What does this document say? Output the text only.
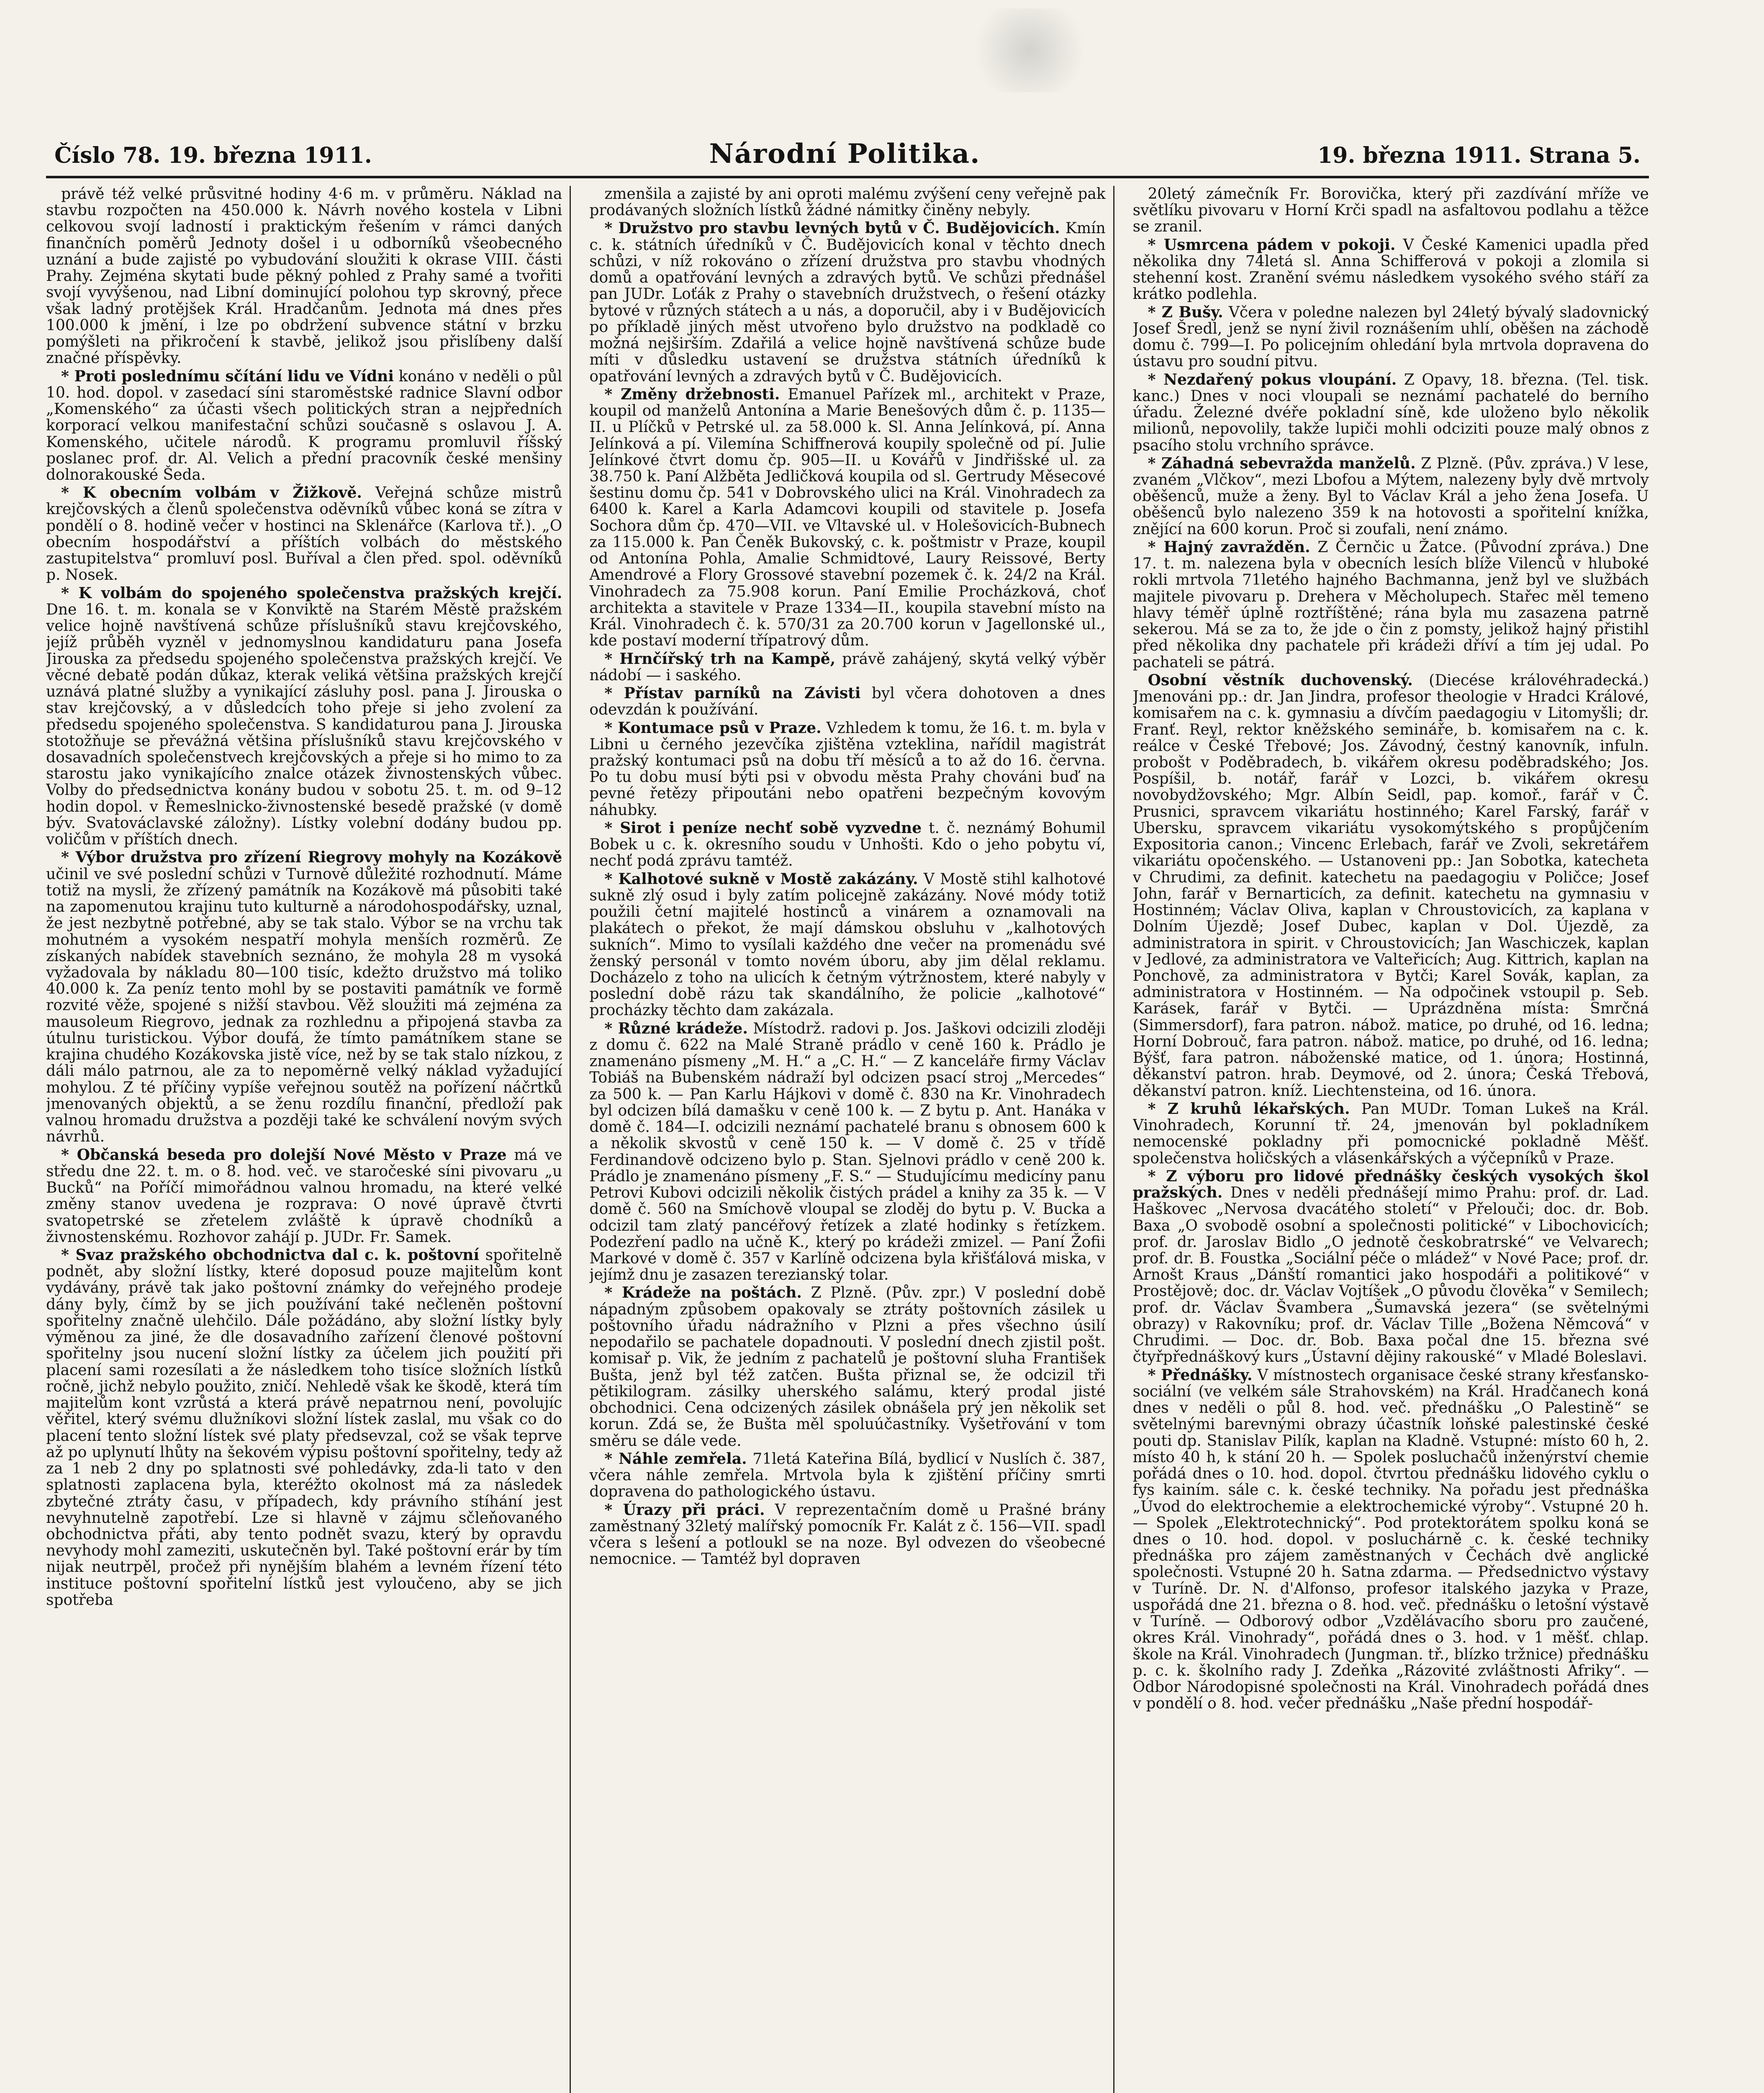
Číslo 78. 19. března 1911.	Národní Politika.	19. března 1911. Strana 5.

právě též velké průsvitné hodiny 4·6 m. v průměru. Náklad na stavbu rozpočten na 450.000 k. Návrh nového kostela v Libni celkovou svojí ladností i praktickým řešením v rámci daných finančních poměrů Jednoty došel i u odborníků všeobecného uznání a bude zajisté po vybudování sloužiti k okrase VIII. části Prahy. Zejména skytati bude pěkný pohled z Prahy samé a tvořiti svojí vyvýšenou, nad Libní dominující polohou typ skrovný, přece však ladný protějšek Král. Hradčanům. Jednota má dnes přes 100.000 k jmění, i lze po obdržení subvence státní v brzku pomýšleti na přikročení k stavbě, jelikož jsou přislíbeny další značné příspěvky.

* Proti poslednímu sčítání lidu ve Vídni konáno v neděli o půl 10. hod. dopol. v zasedací síni staroměstské radnice Slavní odbor „Komenského“ za účasti všech politických stran a nejpředních korporací velkou manifestační schůzi současně s oslavou J. A. Komenského, učitele národů. K programu promluvil říšský poslanec prof. dr. Al. Velich a přední pracovník české menšiny dolnorakouské Šeda.

* K obecním volbám v Žižkově. Veřejná schůze mistrů krejčovských a členů společenstva oděvníků vůbec koná se zítra v pondělí o 8. hodině večer v hostinci na Sklenářce (Karlova tř.). „O obecním hospodářství a příštích volbách do městského zastupitelstva“ promluví posl. Buříval a člen před. spol. oděvníků p. Nosek.

* K volbám do spojeného společenstva pražských krejčí. Dne 16. t. m. konala se v Konviktě na Starém Městě pražském velice hojně navštívená schůze příslušníků stavu krejčovského, jejíž průběh vyzněl v jednomyslnou kandidaturu pana Josefa Jirouska za předsedu spojeného společenstva pražských krejčí. Ve věcné debatě podán důkaz, kterak veliká většina pražských krejčí uznává platné služby a vynikající zásluhy posl. pana J. Jirouska o stav krejčovský, a v důsledcích toho přeje si jeho zvolení za předsedu spojeného společenstva. S kandidaturou pana J. Jirouska stotožňuje se převážná většina příslušníků stavu krejčovského v dosavadních společenstvech krejčovských a přeje si ho mimo to za starostu jako vynikajícího znalce otázek živnostenských vůbec. Volby do předsednictva konány budou v sobotu 25. t. m. od 9–12 hodin dopol. v Řemeslnicko-živnostenské besedě pražské (v domě býv. Svatováclavské záložny). Lístky volební dodány budou pp. voličům v příštích dnech.

* Výbor družstva pro zřízení Riegrovy mohyly na Kozákově učinil ve své poslední schůzi v Turnově důležité rozhodnutí. Máme totiž na mysli, že zřízený památník na Kozákově má působiti také na zapomenutou krajinu tuto kulturně a národohospodářsky, uznal, že jest nezbytně potřebné, aby se tak stalo. Výbor se na vrchu tak mohutném a vysokém nespatří mohyla menších rozměrů. Ze získaných nabídek stavebních seznáno, že mohyla 28 m vysoká vyžadovala by nákladu 80—100 tisíc, kdežto družstvo má toliko 40.000 k. Za peníz tento mohl by se postaviti památník ve formě rozvité věže, spojené s nižší stavbou. Věž sloužiti má zejména za mausoleum Riegrovo, jednak za rozhlednu a připojená stavba za útulnu turistickou. Výbor doufá, že tímto památníkem stane se krajina chudého Kozákovska jistě více, než by se tak stalo nízkou, z dáli málo patrnou, ale za to nepoměrně velký náklad vyžadující mohylou. Z té příčiny vypíše veřejnou soutěž na pořízení náčrtků jmenovaných objektů, a se ženu rozdílu finanční, předloží pak valnou hromadu družstva a později také ke schválení novým svých návrhů.

* Občanská beseda pro dolejší Nové Město v Praze má ve středu dne 22. t. m. o 8. hod. več. ve staročeské síni pivovaru „u Bucků“ na Poříčí mimořádnou valnou hromadu, na které velké změny stanov uvedena je rozprava: O nové úpravě čtvrti svatopetrské se zřetelem zvláště k úpravě chodníků a živnostenskému. Rozhovor zahájí p. JUDr. Fr. Samek.

* Svaz pražského obchodnictva dal c. k. poštovní spořitelně podnět, aby složní lístky, které doposud pouze majitelům kont vydávány, právě tak jako poštovní známky do veřejného prodeje dány byly, čímž by se jich používání také nečleněn poštovní spořitelny značně ulehčilo. Dále požádáno, aby složní lístky byly výměnou za jiné, že dle dosavadního zařízení členové poštovní spořitelny jsou nucení složní lístky za účelem jich použití při placení sami rozesílati a že následkem toho tisíce složních lístků ročně, jichž nebylo použito, zničí. Nehledě však ke škodě, která tím majitelům kont vzrůstá a která právě nepatrnou není, povolujíc věřitel, který svému dlužníkovi složní lístek zaslal, mu však co do placení tento složní lístek své platy předsevzal, což se však teprve až po uplynutí lhůty na šekovém výpisu poštovní spořitelny, tedy až za 1 neb 2 dny po splatnosti své pohledávky, zda-li tato v den splatnosti zaplacena byla, kteréžto okolnost má za následek zbytečné ztráty času, v případech, kdy právního stíhání jest nevyhnutelně zapotřebí. Lze si hlavně v zájmu sčleňovaného obchodnictva přáti, aby tento podnět svazu, který by opravdu nevyhody mohl zameziti, uskutečněn byl. Také poštovní erár by tím nijak neutrpěl, pročež při nynějším blahém a levném řízení této instituce poštovní spořitelní lístků jest vyloučeno, aby se jich spotřeba

zmenšila a zajisté by ani oproti malému zvýšení ceny veřejně pak prodávaných složních lístků žádné námitky činěny nebyly.

* Družstvo pro stavbu levných bytů v Č. Budějovicích. Kmín c. k. státních úředníků v Č. Budějovicích konal v těchto dnech schůzi, v níž rokováno o zřízení družstva pro stavbu vhodných domů a opatřování levných a zdravých bytů. Ve schůzi přednášel pan JUDr. Loťák z Prahy o stavebních družstvech, o řešení otázky bytové v různých státech a u nás, a doporučil, aby i v Budějovicích po příkladě jiných měst utvořeno bylo družstvo na podkladě co možná nejširším. Zdařilá a velice hojně navštívená schůze bude míti v důsledku ustavení se družstva státních úředníků k opatřování levných a zdravých bytů v Č. Budějovicích.

* Změny držebnosti. Emanuel Pařízek ml., architekt v Praze, koupil od manželů Antonína a Marie Benešových dům č. p. 1135—II. u Plíčků v Petrské ul. za 58.000 k. Sl. Anna Jelínková, pí. Anna Jelínková a pí. Vilemína Schiffnerová koupily společně od pí. Julie Jelínkové čtvrt domu čp. 905—II. u Kovářů v Jindřišské ul. za 38.750 k. Paní Alžběta Jedličková koupila od sl. Gertrudy Měsecové šestinu domu čp. 541 v Dobrovského ulici na Král. Vinohradech za 6400 k. Karel a Karla Adamcovi koupili od stavitele p. Josefa Sochora dům čp. 470—VII. ve Vltavské ul. v Holešovicích-Bubnech za 115.000 k. Pan Čeněk Bukovský, c. k. poštmistr v Praze, koupil od Antonína Pohla, Amalie Schmidtové, Laury Reissové, Berty Amendrové a Flory Grossové stavební pozemek č. k. 24/2 na Král. Vinohradech za 75.908 korun. Paní Emilie Procházková, choť architekta a stavitele v Praze 1334—II., koupila stavební místo na Král. Vinohradech č. k. 570/31 za 20.700 korun v Jagellonské ul., kde postaví moderní třípatrový dům.

* Hrnčířský trh na Kampě, právě zahájený, skytá velký výběr nádobí — i saského.

* Přístav parníků na Závisti byl včera dohotoven a dnes odevzdán k používání.

* Kontumace psů v Praze. Vzhledem k tomu, že 16. t. m. byla v Libni u černého jezevčíka zjištěna vzteklina, nařídil magistrát pražský kontumaci psů na dobu tří měsíců a to až do 16. června. Po tu dobu musí býti psi v obvodu města Prahy chováni buď na pevné řetězy připoutáni nebo opatřeni bezpečným kovovým náhubky.

* Sirot i peníze nechť sobě vyzvedne t. č. neznámý Bohumil Bobek u c. k. okresního soudu v Unhošti. Kdo o jeho pobytu ví, nechť podá zprávu tamtéž.

* Kalhotové sukně v Mostě zakázány. V Mostě stihl kalhotové sukně zlý osud i byly zatím policejně zakázány. Nové módy totiž použili četní majitelé hostinců a vinárem a oznamovali na plakátech o překot, že mají dámskou obsluhu v „kalhotových sukních“. Mimo to vysílali každého dne večer na promenádu své ženský personál v tomto novém úboru, aby jim dělal reklamu. Docházelo z toho na ulicích k četným výtržnostem, které nabyly v poslední době rázu tak skandálního, že policie „kalhotové“ procházky těchto dam zakázala.

* Různé krádeže. Místodrž. radovi p. Jos. Jaškovi odcizili zloději z domu č. 622 na Malé Straně prádlo v ceně 160 k. Prádlo je znamenáno písmeny „M. H.“ a „C. H.“ — Z kanceláře firmy Václav Tobiáš na Bubenském nádraží byl odcizen psací stroj „Mercedes“ za 500 k. — Pan Karlu Hájkovi v domě č. 830 na Kr. Vinohradech byl odcizen bílá damašku v ceně 100 k. — Z bytu p. Ant. Hanáka v domě č. 184—I. odcizili neznámí pachatelé branu s obnosem 600 k a několik skvostů v ceně 150 k. — V domě č. 25 v třídě Ferdinandově odcizeno bylo p. Stan. Sjelnovi prádlo v ceně 200 k. Prádlo je znamenáno písmeny „F. S.“ — Studujícímu medicíny panu Petrovi Kubovi odcizili několik čistých prádel a knihy za 35 k. — V domě č. 560 na Smíchově vloupal se zloděj do bytu p. V. Bucka a odcizil tam zlatý pancéřový řetízek a zlaté hodinky s řetízkem. Podezření padlo na učně K., který po krádeži zmizel. — Paní Žofii Markové v domě č. 357 v Karlíně odcizena byla křišťálová miska, v jejímž dnu je zasazen terezianský tolar.

* Krádeže na poštách. Z Plzně. (Pův. zpr.) V poslední době nápadným způsobem opakovaly se ztráty poštovních zásilek u poštovního úřadu nádražního v Plzni a přes všechno úsilí nepodařilo se pachatele dopadnouti. V poslední dnech zjistil pošt. komisař p. Vik, že jedním z pachatelů je poštovní sluha František Bušta, jenž byl též zatčen. Bušta přiznal se, že odcizil tři pětikilogram. zásilky uherského salámu, který prodal jisté obchodnici. Cena odcizených zásilek obnášela prý jen několik set korun. Zdá se, že Bušta měl spoluúčastníky. Vyšetřování v tom směru se dále vede.

* Náhle zemřela. 71letá Kateřina Bílá, bydlicí v Nuslích č. 387, včera náhle zemřela. Mrtvola byla k zjištění příčiny smrti dopravena do pathologického ústavu.

* Úrazy při práci. V reprezentačním domě u Prašné brány zaměstnaný 32letý malířský pomocník Fr. Kalát z č. 156—VII. spadl včera s lešení a potloukl se na noze. Byl odvezen do všeobecné nemocnice. — Tamtéž byl dopraven

20letý zámečník Fr. Borovička, který při zazdívání mříže ve světlíku pivovaru v Horní Krči spadl na asfaltovou podlahu a těžce se zranil.

* Usmrcena pádem v pokoji. V České Kamenici upadla před několika dny 74letá sl. Anna Schifferová v pokoji a zlomila si stehenní kost. Zranění svému následkem vysokého svého stáří za krátko podlehla.

* Z Bušy. Včera v poledne nalezen byl 24letý bývalý sladovnický Josef Šredl, jenž se nyní živil roznášením uhlí, oběšen na záchodě domu č. 799—I. Po policejním ohledání byla mrtvola dopravena do ústavu pro soudní pitvu.

* Nezdařený pokus vloupání. Z Opavy, 18. března. (Tel. tisk. kanc.) Dnes v noci vloupali se neznámí pachatelé do berního úřadu. Železné dvéře pokladní síně, kde uloženo bylo několik milionů, nepovolily, takže lupiči mohli odciziti pouze malý obnos z psacího stolu vrchního správce.

* Záhadná sebevražda manželů. Z Plzně. (Pův. zpráva.) V lese, zvaném „Vlčkov“, mezi Lbofou a Mýtem, nalezeny byly dvě mrtvoly oběšenců, muže a ženy. Byl to Václav Král a jeho žena Josefa. U oběšenců bylo nalezeno 359 k na hotovosti a spořitelní knížka, znějící na 600 korun. Proč si zoufali, není známo.

* Hajný zavražděn. Z Černčic u Žatce. (Původní zpráva.) Dne 17. t. m. nalezena byla v obecních lesích blíže Vilenců v hluboké rokli mrtvola 71letého hajného Bachmanna, jenž byl ve službách majitele pivovaru p. Drehera v Měcholupech. Stařec měl temeno hlavy téměř úplně roztříštěné; rána byla mu zasazena patrně sekerou. Má se za to, že jde o čin z pomsty, jelikož hajný přistihl před několika dny pachatele při krádeži dříví a tím jej udal. Po pachateli se pátrá.

Osobní věstník duchovenský. (Diecése královéhradecká.) Jmenováni pp.: dr. Jan Jindra, profesor theologie v Hradci Králové, komisařem na c. k. gymnasiu a dívčím paedagogiu v Litomyšli; dr. Franť. Reyl, rektor kněžského semináře, b. komisařem na c. k. reálce v České Třebové; Jos. Závodný, čestný kanovník, infuln. probošt v Poděbradech, b. vikářem okresu poděbradského; Jos. Pospíšil, b. notář, farář v Lozci, b. vikářem okresu novobydžovského; Mgr. Albín Seidl, pap. komoř., farář v Č. Prusnici, spravcem vikariátu hostinného; Karel Farský, farář v Ubersku, spravcem vikariátu vysokomýtského s propůjčením Expositoria canon.; Vincenc Erlebach, farář ve Zvoli, sekretářem vikariátu opočenského. — Ustanoveni pp.: Jan Sobotka, katecheta v Chrudimi, za definit. katechetu na paedagogiu v Poličce; Josef John, farář v Bernarticích, za definit. katechetu na gymnasiu v Hostinném; Václav Oliva, kaplan v Chroustovicích, za kaplana v Dolním Újezdě; Josef Dubec, kaplan v Dol. Újezdě, za administratora in spirit. v Chroustovicích; Jan Waschiczek, kaplan v Jedlové, za administratora ve Valteřicích; Aug. Kittrich, kaplan na Ponchově, za administratora v Bytči; Karel Sovák, kaplan, za administratora v Hostinném. — Na odpočinek vstoupil p. Seb. Karásek, farář v Bytči. — Uprázdněna místa: Smrčná (Simmersdorf), fara patron. nábož. matice, po druhé, od 16. ledna; Horní Dobrouč, fara patron. nábož. matice, po druhé, od 16. ledna; Býšť, fara patron. náboženské matice, od 1. února; Hostinná, děkanství patron. hrab. Deymové, od 2. února; Česká Třebová, děkanství patron. kníž. Liechtensteina, od 16. února.

* Z kruhů lékařských. Pan MUDr. Toman Lukeš na Král. Vinohradech, Korunní tř. 24, jmenován byl pokladníkem nemocenské pokladny při pomocnické pokladně Měšť. společenstva holičských a vlásenkářských a výčepníků v Praze.

* Z výboru pro lidové přednášky českých vysokých škol pražských. Dnes v neděli přednášejí mimo Prahu: prof. dr. Lad. Haškovec „Nervosa dvacátého století“ v Přelouči; doc. dr. Bob. Baxa „O svobodě osobní a společnosti politické“ v Libochovicích; prof. dr. Jaroslav Bidlo „O jednotě českobratrské“ ve Velvarech; prof. dr. B. Foustka „Sociální péče o mládež“ v Nové Pace; prof. dr. Arnošt Kraus „Dánští romantici jako hospodáři a politikové“ v Prostějově; doc. dr. Václav Vojtíšek „O původu člověka“ v Semilech; prof. dr. Václav Švambera „Šumavská jezera“ (se světelnými obrazy) v Rakovníku; prof. dr. Václav Tille „Božena Němcová“ v Chrudimi. — Doc. dr. Bob. Baxa počal dne 15. března své čtyřpřednáškový kurs „Ústavní dějiny rakouské“ v Mladé Boleslavi.

* Přednášky. V místnostech organisace české strany křesťansko-sociální (ve velkém sále Strahovském) na Král. Hradčanech koná dnes v neděli o půl 8. hod. več. přednášku „O Palestině“ se světelnými barevnými obrazy účastník loňské palestinské české pouti dp. Stanislav Pilík, kaplan na Kladně. Vstupné: místo 60 h, 2. místo 40 h, k stání 20 h. — Spolek posluchačů inženýrství chemie pořádá dnes o 10. hod. dopol. čtvrtou přednášku lidového cyklu o fys kainím. sále c. k. české techniky. Na pořadu jest přednáška „Úvod do elektrochemie a elektrochemické výroby“. Vstupné 20 h. — Spolek „Elektrotechnický“. Pod protektorátem spolku koná se dnes o 10. hod. dopol. v posluchárně c. k. české techniky přednáška pro zájem zaměstnaných v Čechách dvě anglické společnosti. Vstupné 20 h. Satna zdarma. — Předsednictvo výstavy v Turíně. Dr. N. d'Alfonso, profesor italského jazyka v Praze, uspořádá dne 21. března o 8. hod. več. přednášku o letošní výstavě v Turíně. — Odborový odbor „Vzdělávacího sboru pro zaučené, okres Král. Vinohrady“, pořádá dnes o 3. hod. v 1 měšť. chlap. škole na Král. Vinohradech (Jungman. tř., blízko tržnice) přednášku p. c. k. školního rady J. Zdeňka „Rázovité zvláštnosti Afriky“. — Odbor Národopisné společnosti na Král. Vinohradech pořádá dnes v pondělí o 8. hod. večer přednášku „Naše přední hospodář-
